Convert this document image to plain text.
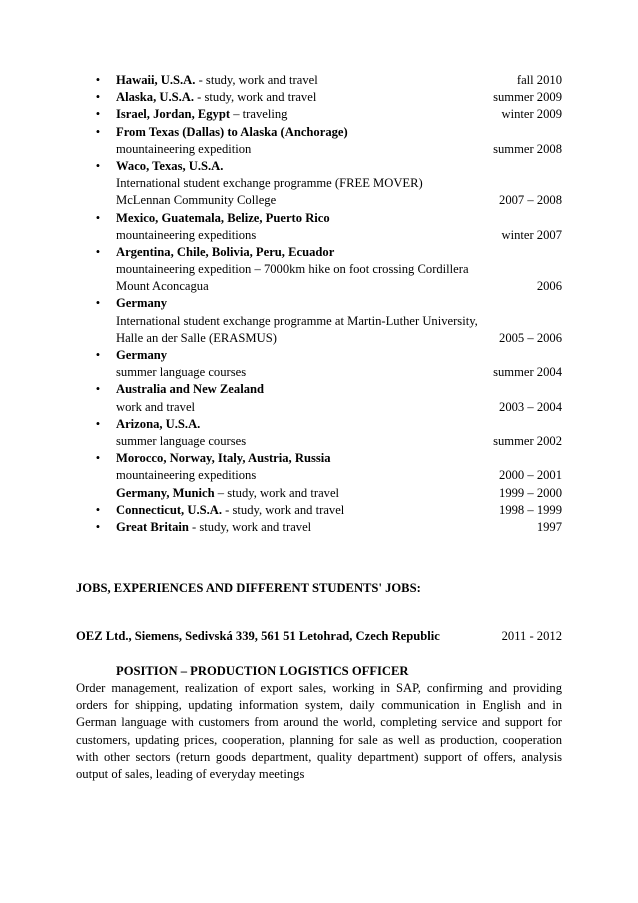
•	Hawaii, U.S.A. - study, work and travel	fall 2010
•	Alaska, U.S.A. - study, work and travel	summer 2009
•	Israel, Jordan, Egypt – traveling	winter 2009
•	From Texas (Dallas) to Alaska (Anchorage)
mountaineering expedition	summer 2008
•	Waco, Texas, U.S.A.
International student exchange programme (FREE MOVER)
McLennan Community College	2007 – 2008
•	Mexico, Guatemala, Belize, Puerto Rico
mountaineering expeditions	winter 2007
•	Argentina, Chile, Bolivia, Peru, Ecuador
mountaineering expedition – 7000km hike on foot crossing Cordillera
Mount Aconcagua	2006
•	Germany
International student exchange programme at Martin-Luther University,
Halle an der Salle (ERASMUS)	2005 – 2006
•	Germany
summer language courses	summer 2004
•	Australia and New Zealand
work and travel	2003 – 2004
•	Arizona, U.S.A.
summer language courses	summer 2002
•	Morocco, Norway, Italy, Austria, Russia
mountaineering expeditions	2000 – 2001
Germany, Munich – study, work and travel	1999 – 2000
•	Connecticut, U.S.A. - study, work and travel	1998 – 1999
•	Great Britain - study, work and travel	1997
JOBS, EXPERIENCES AND DIFFERENT STUDENTS' JOBS:
OEZ Ltd., Siemens, Sedivská 339, 561 51 Letohrad, Czech Republic	2011 - 2012
POSITION – PRODUCTION LOGISTICS OFFICER
Order management, realization of export sales, working in SAP, confirming and providing orders for shipping, updating information system, daily communication in English and in German language with customers from around the world, completing service and support for customers, updating prices, cooperation, planning for sale as well as production, cooperation with other sectors (return goods department, quality department) support of offers, analysis output of sales, leading of everyday meetings
